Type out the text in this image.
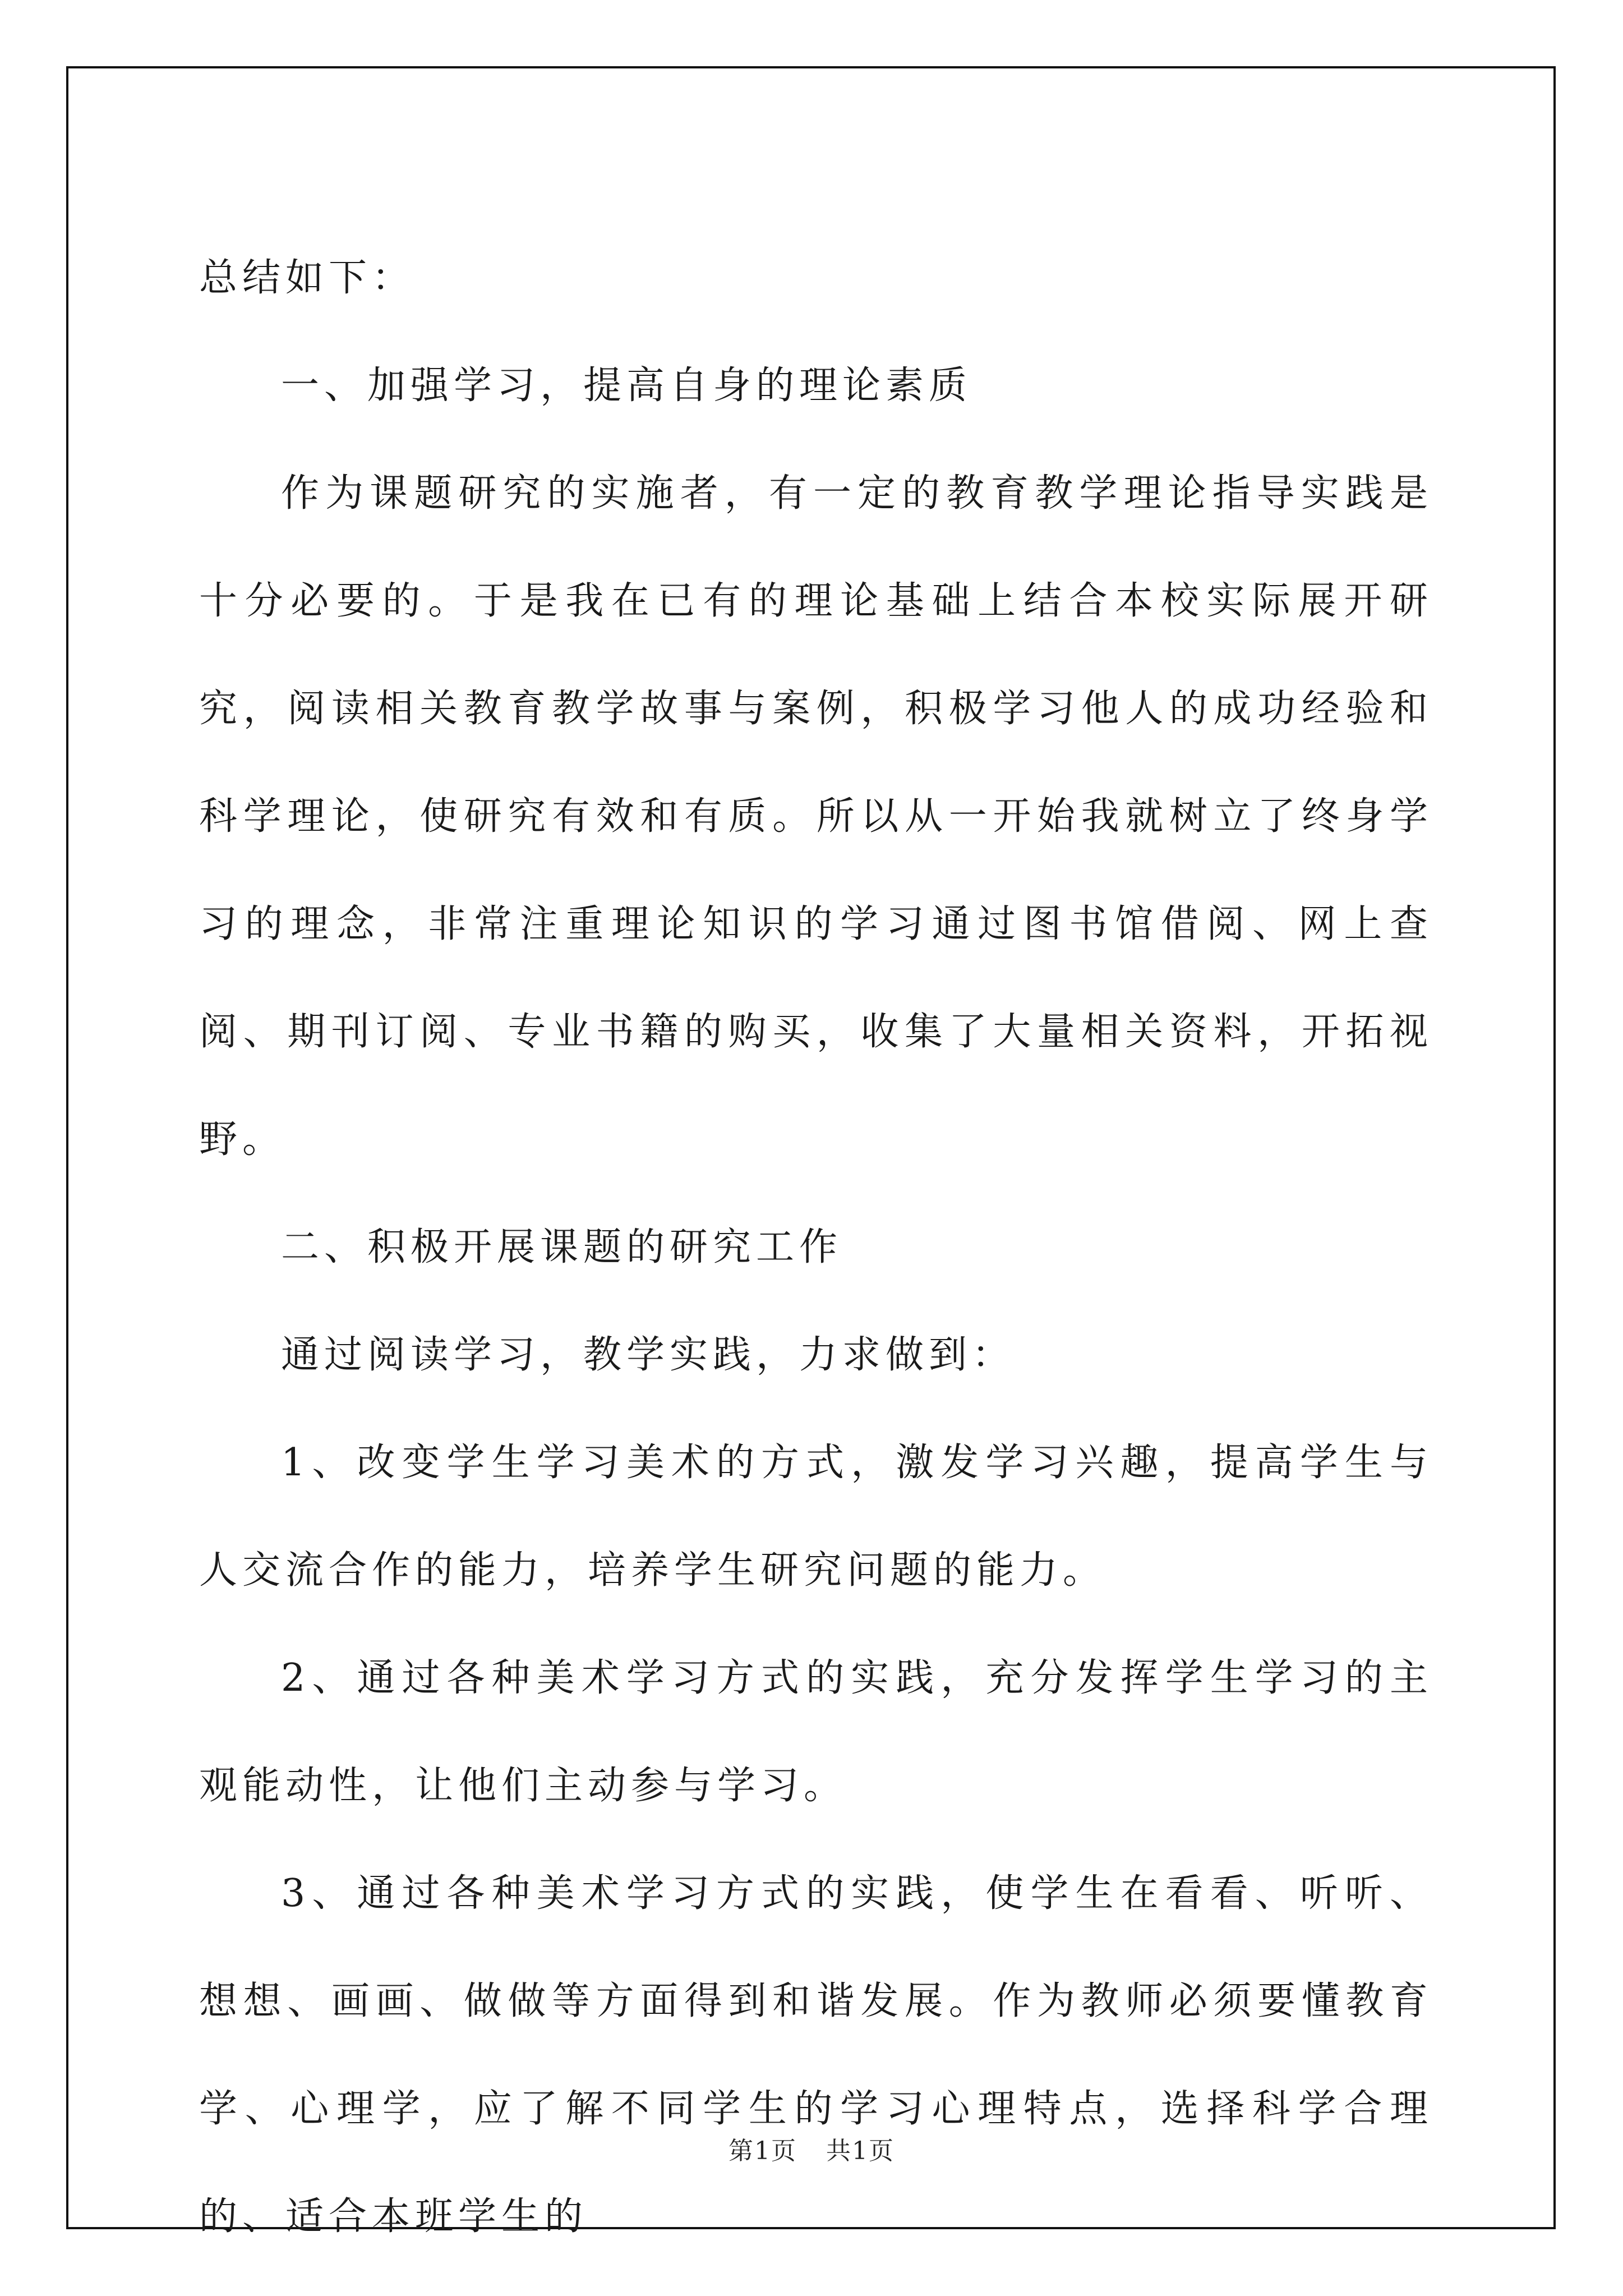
总结如下：

一、加强学习，提高自身的理论素质

作为课题研究的实施者，有一定的教育教学理论指导实践是十分必要的。于是我在已有的理论基础上结合本校实际展开研究，阅读相关教育教学故事与案例，积极学习他人的成功经验和科学理论，使研究有效和有质。所以从一开始我就树立了终身学习的理念，非常注重理论知识的学习通过图书馆借阅、网上查阅、期刊订阅、专业书籍的购买，收集了大量相关资料，开拓视野。

二、积极开展课题的研究工作

通过阅读学习，教学实践，力求做到：

1、改变学生学习美术的方式，激发学习兴趣，提高学生与人交流合作的能力，培养学生研究问题的能力。

2、通过各种美术学习方式的实践，充分发挥学生学习的主观能动性，让他们主动参与学习。

3、通过各种美术学习方式的实践，使学生在看看、听听、想想、画画、做做等方面得到和谐发展。作为教师必须要懂教育学、心理学，应了解不同学生的学习心理特点，选择科学合理的、适合本班学生的

第1页 共1页
